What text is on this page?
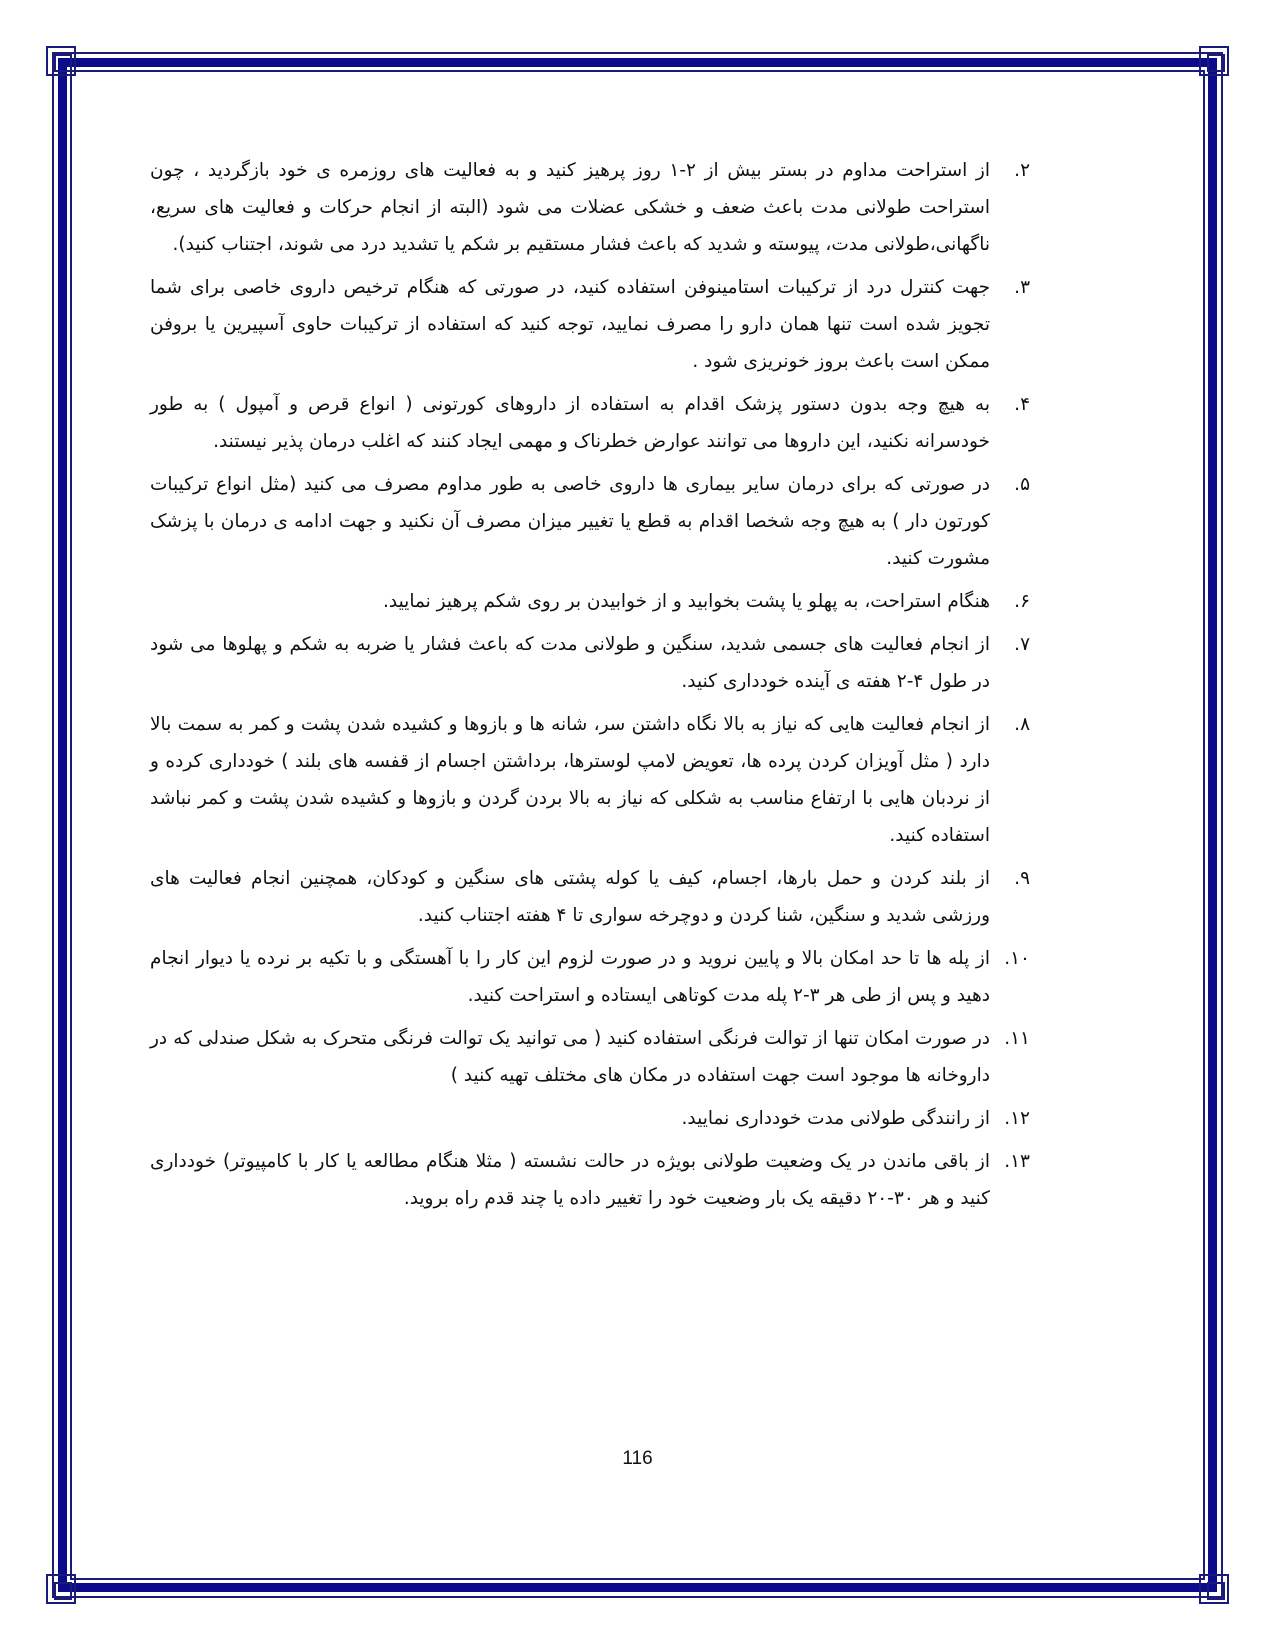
۲.
از استراحت مداوم در بستر بیش از ۲-۱ روز پرهیز کنید و به فعالیت های روزمره ی خود بازگردید ، چون استراحت طولانی مدت باعث ضعف و خشکی عضلات می شود (البته از انجام حرکات و فعالیت های سریع، ناگهانی،طولانی مدت، پیوسته و شدید که باعث فشار مستقیم بر شکم یا تشدید درد می شوند، اجتناب کنید).
۳.
جهت کنترل درد از ترکیبات استامینوفن استفاده کنید، در صورتی که هنگام ترخیص داروی خاصی برای شما تجویز شده است تنها همان دارو را مصرف نمایید، توجه کنید که استفاده از ترکیبات حاوی آسپیرین یا بروفن ممکن است باعث بروز خونریزی شود .
۴.
به هیچ وجه بدون دستور پزشک اقدام به استفاده از داروهای کورتونی ( انواع قرص و آمپول ) به طور خودسرانه نکنید، این داروها می توانند عوارض خطرناک و مهمی ایجاد کنند که اغلب درمان پذیر نیستند.
۵.
در صورتی که برای درمان سایر بیماری ها داروی خاصی به طور مداوم مصرف می کنید (مثل انواع ترکیبات کورتون دار ) به هیچ وجه شخصا اقدام به قطع یا تغییر میزان مصرف آن نکنید و جهت ادامه ی درمان با پزشک مشورت کنید.
۶.
هنگام استراحت، به پهلو یا پشت بخوابید و از خوابیدن بر روی شکم پرهیز نمایید.
۷.
از انجام فعالیت های جسمی شدید، سنگین و طولانی مدت که باعث فشار یا ضربه به شکم و پهلوها می شود در طول ۴-۲ هفته ی آینده خودداری کنید.
۸.
از انجام فعالیت هایی که نیاز به بالا نگاه داشتن سر، شانه ها و بازوها و کشیده شدن پشت و کمر به سمت بالا دارد ( مثل آویزان کردن پرده ها، تعویض لامپ لوسترها، برداشتن اجسام از قفسه های بلند ) خودداری کرده و از نردبان هایی با ارتفاع مناسب به شکلی که نیاز به بالا بردن گردن و بازوها و کشیده شدن پشت و کمر نباشد استفاده کنید.
۹.
از بلند کردن و حمل بارها، اجسام، کیف یا کوله پشتی های سنگین و کودکان، همچنین انجام فعالیت های ورزشی شدید و سنگین، شنا کردن و دوچرخه سواری تا ۴ هفته اجتناب کنید.
۱۰.
از پله ها تا حد امکان بالا و پایین نروید و در صورت لزوم این کار را با آهستگی و با تکیه بر نرده یا دیوار انجام دهید و پس از طی هر ۳-۲ پله مدت کوتاهی ایستاده و استراحت کنید.
۱۱.
در صورت امکان تنها از توالت فرنگی استفاده کنید ( می توانید یک توالت فرنگی متحرک به شکل صندلی که در داروخانه ها موجود است جهت استفاده در مکان های مختلف تهیه کنید )
۱۲.
از رانندگی طولانی مدت خودداری نمایید.
۱۳.
از باقی ماندن در یک وضعیت طولانی بویژه در حالت نشسته ( مثلا هنگام مطالعه یا کار با کامپیوتر) خودداری کنید و هر ۳۰-۲۰ دقیقه یک بار وضعیت خود را تغییر داده یا چند قدم راه بروید.
116
